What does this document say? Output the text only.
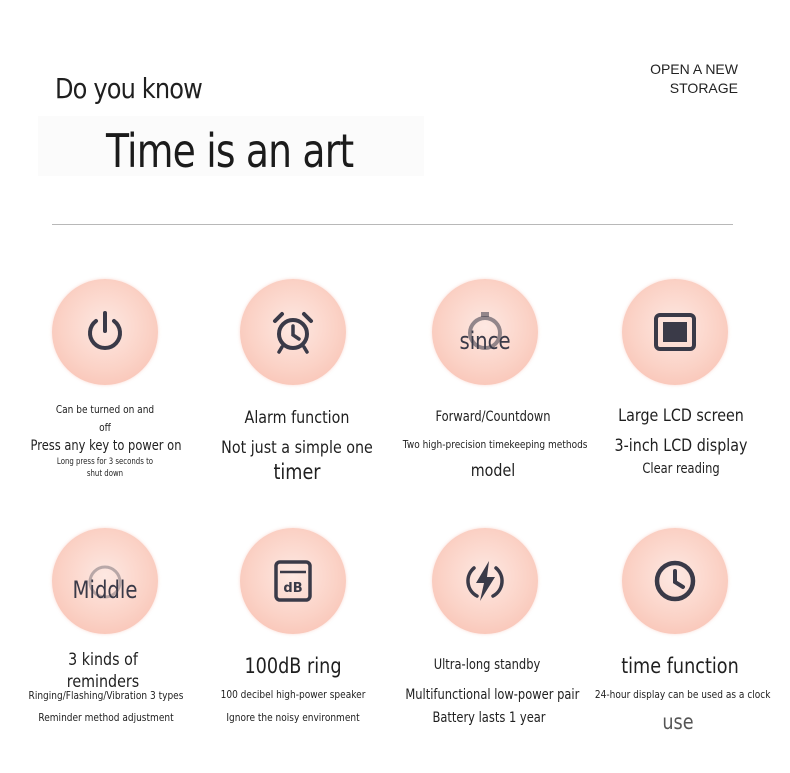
Do you know
Time is an art
OPEN A NEW
STORAGE
since
Can be turned on and
off
Press any key to power on
Long press for 3 seconds to
shut down
Alarm function
Not just a simple one
timer
Forward/Countdown
Two high-precision timekeeping methods
model
Large LCD screen
3-inch LCD display
Clear reading
Middle	dB
3 kinds of
reminders
Ringing/Flashing/Vibration 3 types
Reminder method adjustment
100dB ring
100 decibel high-power speaker
Ignore the noisy environment
Ultra-long standby
Multifunctional low-power pair
Battery lasts 1 year
time function
24-hour display can be used as a clock
use
